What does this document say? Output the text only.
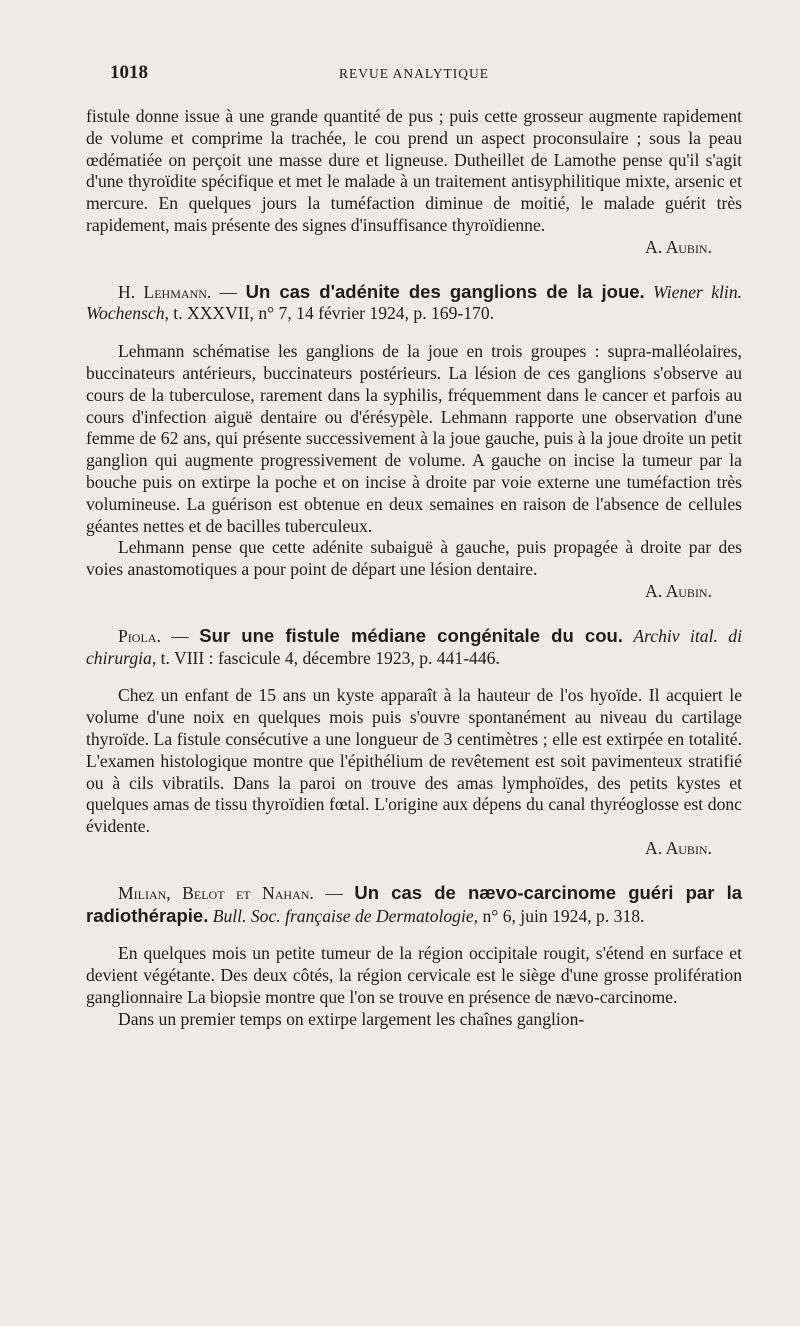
1018	REVUE ANALYTIQUE

fistule donne issue à une grande quantité de pus ; puis cette grosseur augmente rapidement de volume et comprime la trachée, le cou prend un aspect proconsulaire ; sous la peau œdématiée on perçoit une masse dure et ligneuse. Dutheillet de Lamothe pense qu'il s'agit d'une thyroïdite spécifique et met le malade à un traitement antisyphilitique mixte, arsenic et mercure. En quelques jours la tuméfaction diminue de moitié, le malade guérit très rapidement, mais présente des signes d'insuffisance thyroïdienne.

A. Aubin.

H. Lehmann. — Un cas d'adénite des ganglions de la joue. Wiener klin. Wochensch, t. XXXVII, n° 7, 14 février 1924, p. 169-170.

Lehmann schématise les ganglions de la joue en trois groupes : supra-malléolaires, buccinateurs antérieurs, buccinateurs postérieurs. La lésion de ces ganglions s'observe au cours de la tuberculose, rarement dans la syphilis, fréquemment dans le cancer et parfois au cours d'infection aiguë dentaire ou d'érésypèle. Lehmann rapporte une observation d'une femme de 62 ans, qui présente successivement à la joue gauche, puis à la joue droite un petit ganglion qui augmente progressivement de volume. A gauche on incise la tumeur par la bouche puis on extirpe la poche et on incise à droite par voie externe une tuméfaction très volumineuse. La guérison est obtenue en deux semaines en raison de l'absence de cellules géantes nettes et de bacilles tuberculeux.

Lehmann pense que cette adénite subaiguë à gauche, puis propagée à droite par des voies anastomotiques a pour point de départ une lésion dentaire.

A. Aubin.

Piola. — Sur une fistule médiane congénitale du cou. Archiv ital. di chirurgia, t. VIII : fascicule 4, décembre 1923, p. 441-446.

Chez un enfant de 15 ans un kyste apparaît à la hauteur de l'os hyoïde. Il acquiert le volume d'une noix en quelques mois puis s'ouvre spontanément au niveau du cartilage thyroïde. La fistule consécutive a une longueur de 3 centimètres ; elle est extirpée en totalité. L'examen histologique montre que l'épithélium de revêtement est soit pavimenteux stratifié ou à cils vibratils. Dans la paroi on trouve des amas lymphoïdes, des petits kystes et quelques amas de tissu thyroïdien fœtal. L'origine aux dépens du canal thyréoglosse est donc évidente.

A. Aubin.

Milian, Belot et Nahan. — Un cas de nævo-carcinome guéri par la radiothérapie. Bull. Soc. française de Dermatologie, n° 6, juin 1924, p. 318.

En quelques mois un petite tumeur de la région occipitale rougit, s'étend en surface et devient végétante. Des deux côtés, la région cervicale est le siège d'une grosse prolifération ganglionnaire La biopsie montre que l'on se trouve en présence de nævo-carcinome.

Dans un premier temps on extirpe largement les chaînes ganglion-
